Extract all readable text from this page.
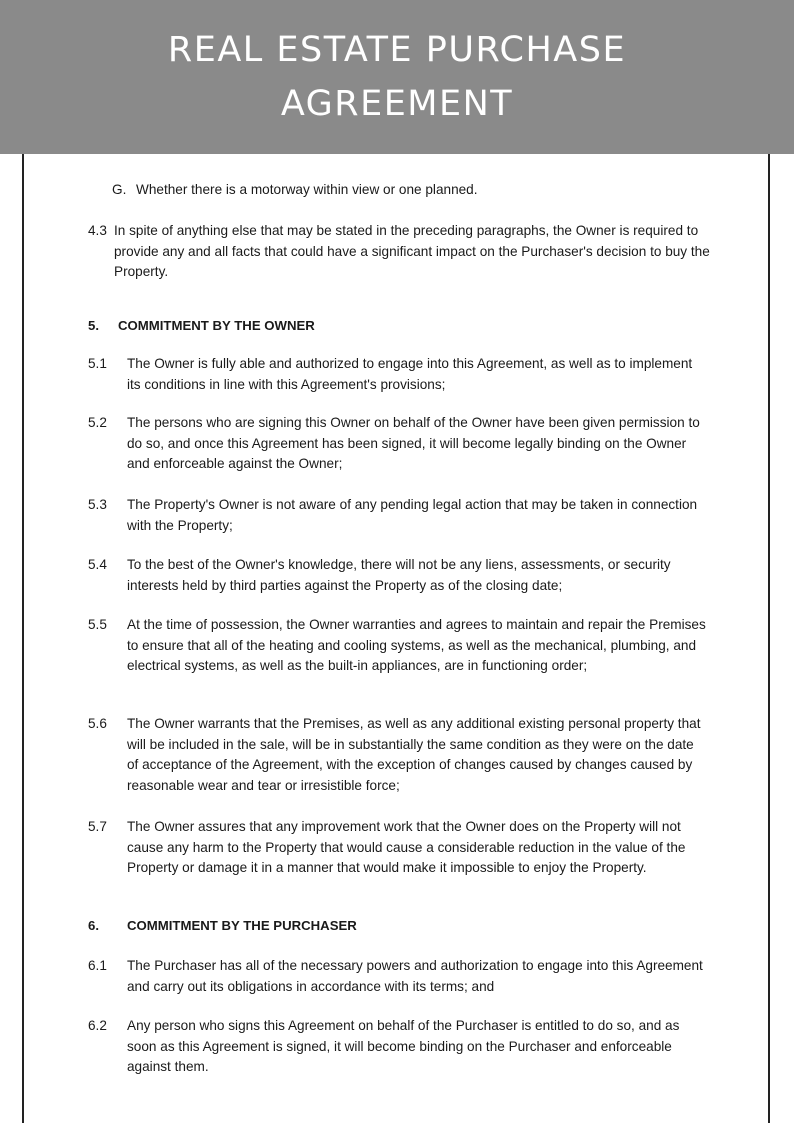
REAL ESTATE PURCHASE
AGREEMENT
G. Whether there is a motorway within view or one planned.
4.3 In spite of anything else that may be stated in the preceding paragraphs, the Owner is required to provide any and all facts that could have a significant impact on the Purchaser's decision to buy the Property.
5. COMMITMENT BY THE OWNER
5.1 The Owner is fully able and authorized to engage into this Agreement, as well as to implement its conditions in line with this Agreement's provisions;
5.2 The persons who are signing this Owner on behalf of the Owner have been given permission to do so, and once this Agreement has been signed, it will become legally binding on the Owner and enforceable against the Owner;
5.3 The Property's Owner is not aware of any pending legal action that may be taken in connection with the Property;
5.4 To the best of the Owner's knowledge, there will not be any liens, assessments, or security interests held by third parties against the Property as of the closing date;
5.5 At the time of possession, the Owner warranties and agrees to maintain and repair the Premises to ensure that all of the heating and cooling systems, as well as the mechanical, plumbing, and electrical systems, as well as the built-in appliances, are in functioning order;
5.6 The Owner warrants that the Premises, as well as any additional existing personal property that will be included in the sale, will be in substantially the same condition as they were on the date of acceptance of the Agreement, with the exception of changes caused by changes caused by reasonable wear and tear or irresistible force;
5.7 The Owner assures that any improvement work that the Owner does on the Property will not cause any harm to the Property that would cause a considerable reduction in the value of the Property or damage it in a manner that would make it impossible to enjoy the Property.
6. COMMITMENT BY THE PURCHASER
6.1 The Purchaser has all of the necessary powers and authorization to engage into this Agreement and carry out its obligations in accordance with its terms; and
6.2 Any person who signs this Agreement on behalf of the Purchaser is entitled to do so, and as soon as this Agreement is signed, it will become binding on the Purchaser and enforceable against them.
